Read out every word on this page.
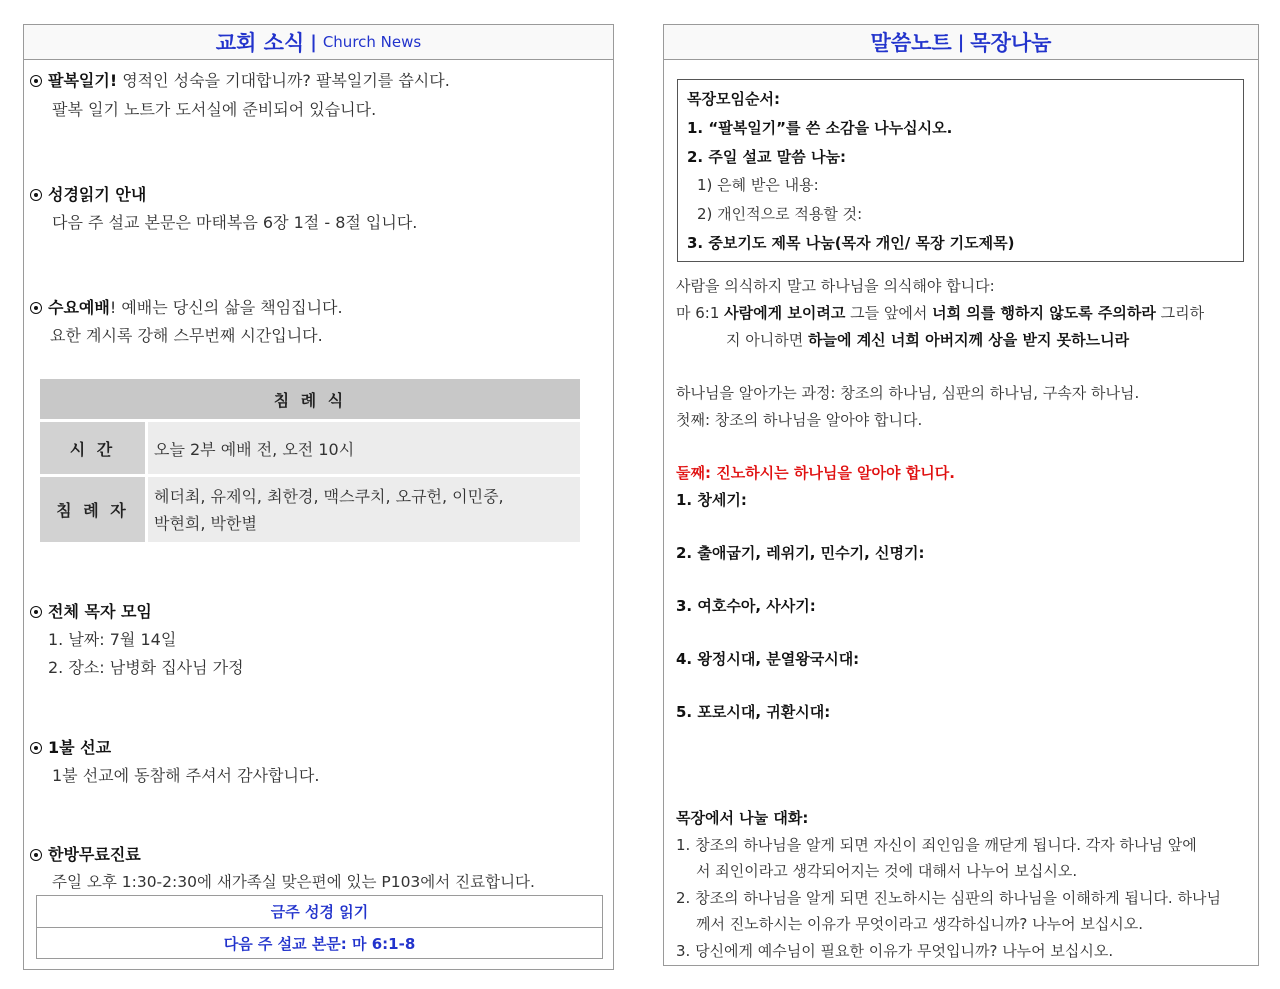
교회 소식 | Church News
팔복일기! 영적인 성숙을 기대합니까? 팔복일기를 씁시다.
팔복 일기 노트가 도서실에 준비되어 있습니다.
성경읽기 안내
다음 주 설교 본문은 마태복음 6장 1절 - 8절 입니다.
수요예배! 예배는 당신의 삶을 책임집니다.
요한 계시록 강해 스무번째 시간입니다.
침 례 식	
시 간	오늘 2부 예배 전, 오전 10시
침 례 자	헤더최, 유제익, 최한경, 맥스쿠치, 오규헌, 이민중,
박현희, 박한별
전체 목자 모임
1. 날짜: 7월 14일
2. 장소: 남병화 집사님 가정
1불 선교
1불 선교에 동참해 주셔서 감사합니다.
한방무료진료
주일 오후 1:30-2:30에 새가족실 맞은편에 있는 P103에서 진료합니다.
금주 성경 읽기
다음 주 설교 본문: 마 6:1-8
말씀노트 | 목장나눔
목장모임순서:
1. “팔복일기”를 쓴 소감을 나누십시오.
2. 주일 설교 말씀 나눔:
1) 은혜 받은 내용:
2) 개인적으로 적용할 것:
3. 중보기도 제목 나눔(목자 개인/ 목장 기도제목)
사람을 의식하지 말고 하나님을 의식해야 합니다:
마 6:1 사람에게 보이려고 그들 앞에서 너희 의를 행하지 않도록 주의하라 그리하
지 아니하면 하늘에 계신 너희 아버지께 상을 받지 못하느니라
하나님을 알아가는 과정: 창조의 하나님, 심판의 하나님, 구속자 하나님.
첫째: 창조의 하나님을 알아야 합니다.
둘째: 진노하시는 하나님을 알아야 합니다.
1. 창세기:
2. 출애굽기, 레위기, 민수기, 신명기:
3. 여호수아, 사사기:
4. 왕정시대, 분열왕국시대:
5. 포로시대, 귀환시대:
목장에서 나눌 대화:
1. 창조의 하나님을 알게 되면 자신이 죄인임을 깨닫게 됩니다. 각자 하나님 앞에
서 죄인이라고 생각되어지는 것에 대해서 나누어 보십시오.
2. 창조의 하나님을 알게 되면 진노하시는 심판의 하나님을 이해하게 됩니다. 하나님
께서 진노하시는 이유가 무엇이라고 생각하십니까? 나누어 보십시오.
3. 당신에게 예수님이 필요한 이유가 무엇입니까? 나누어 보십시오.
